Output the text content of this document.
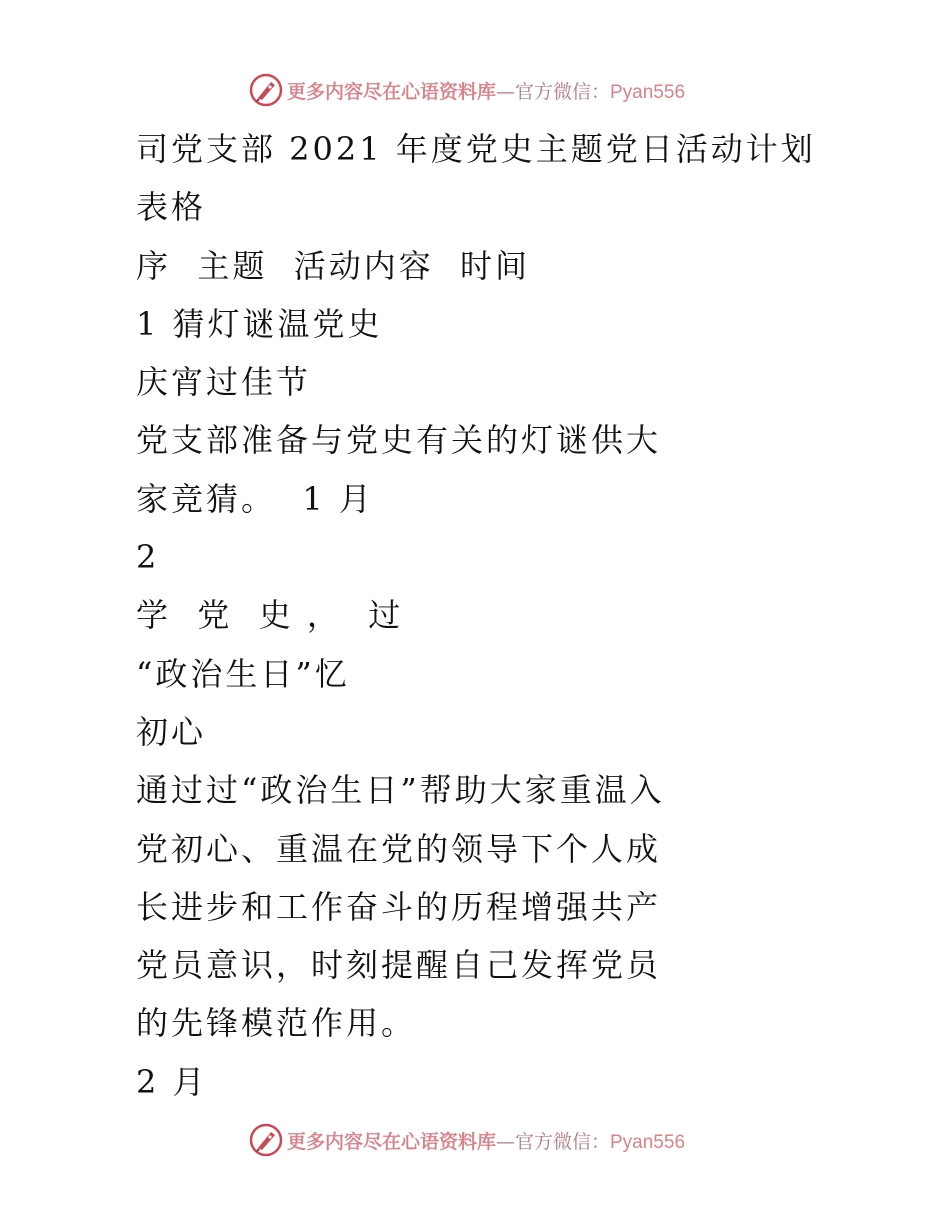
更多内容尽在心语资料库—官方微信：Pyan556
司党支部 2021 年度党史主题党日活动计划
表格
序  主题  活动内容  时间
1 猜灯谜温党史
庆宵过佳节
党支部准备与党史有关的灯谜供大
家竞猜。  1 月
2
学  党  史 ，  过
“政治生日”忆
初心
通过过“政治生日”帮助大家重温入
党初心、重温在党的领导下个人成
长进步和工作奋斗的历程增强共产
党员意识，时刻提醒自己发挥党员
的先锋模范作用。
2 月
更多内容尽在心语资料库—官方微信：Pyan556
